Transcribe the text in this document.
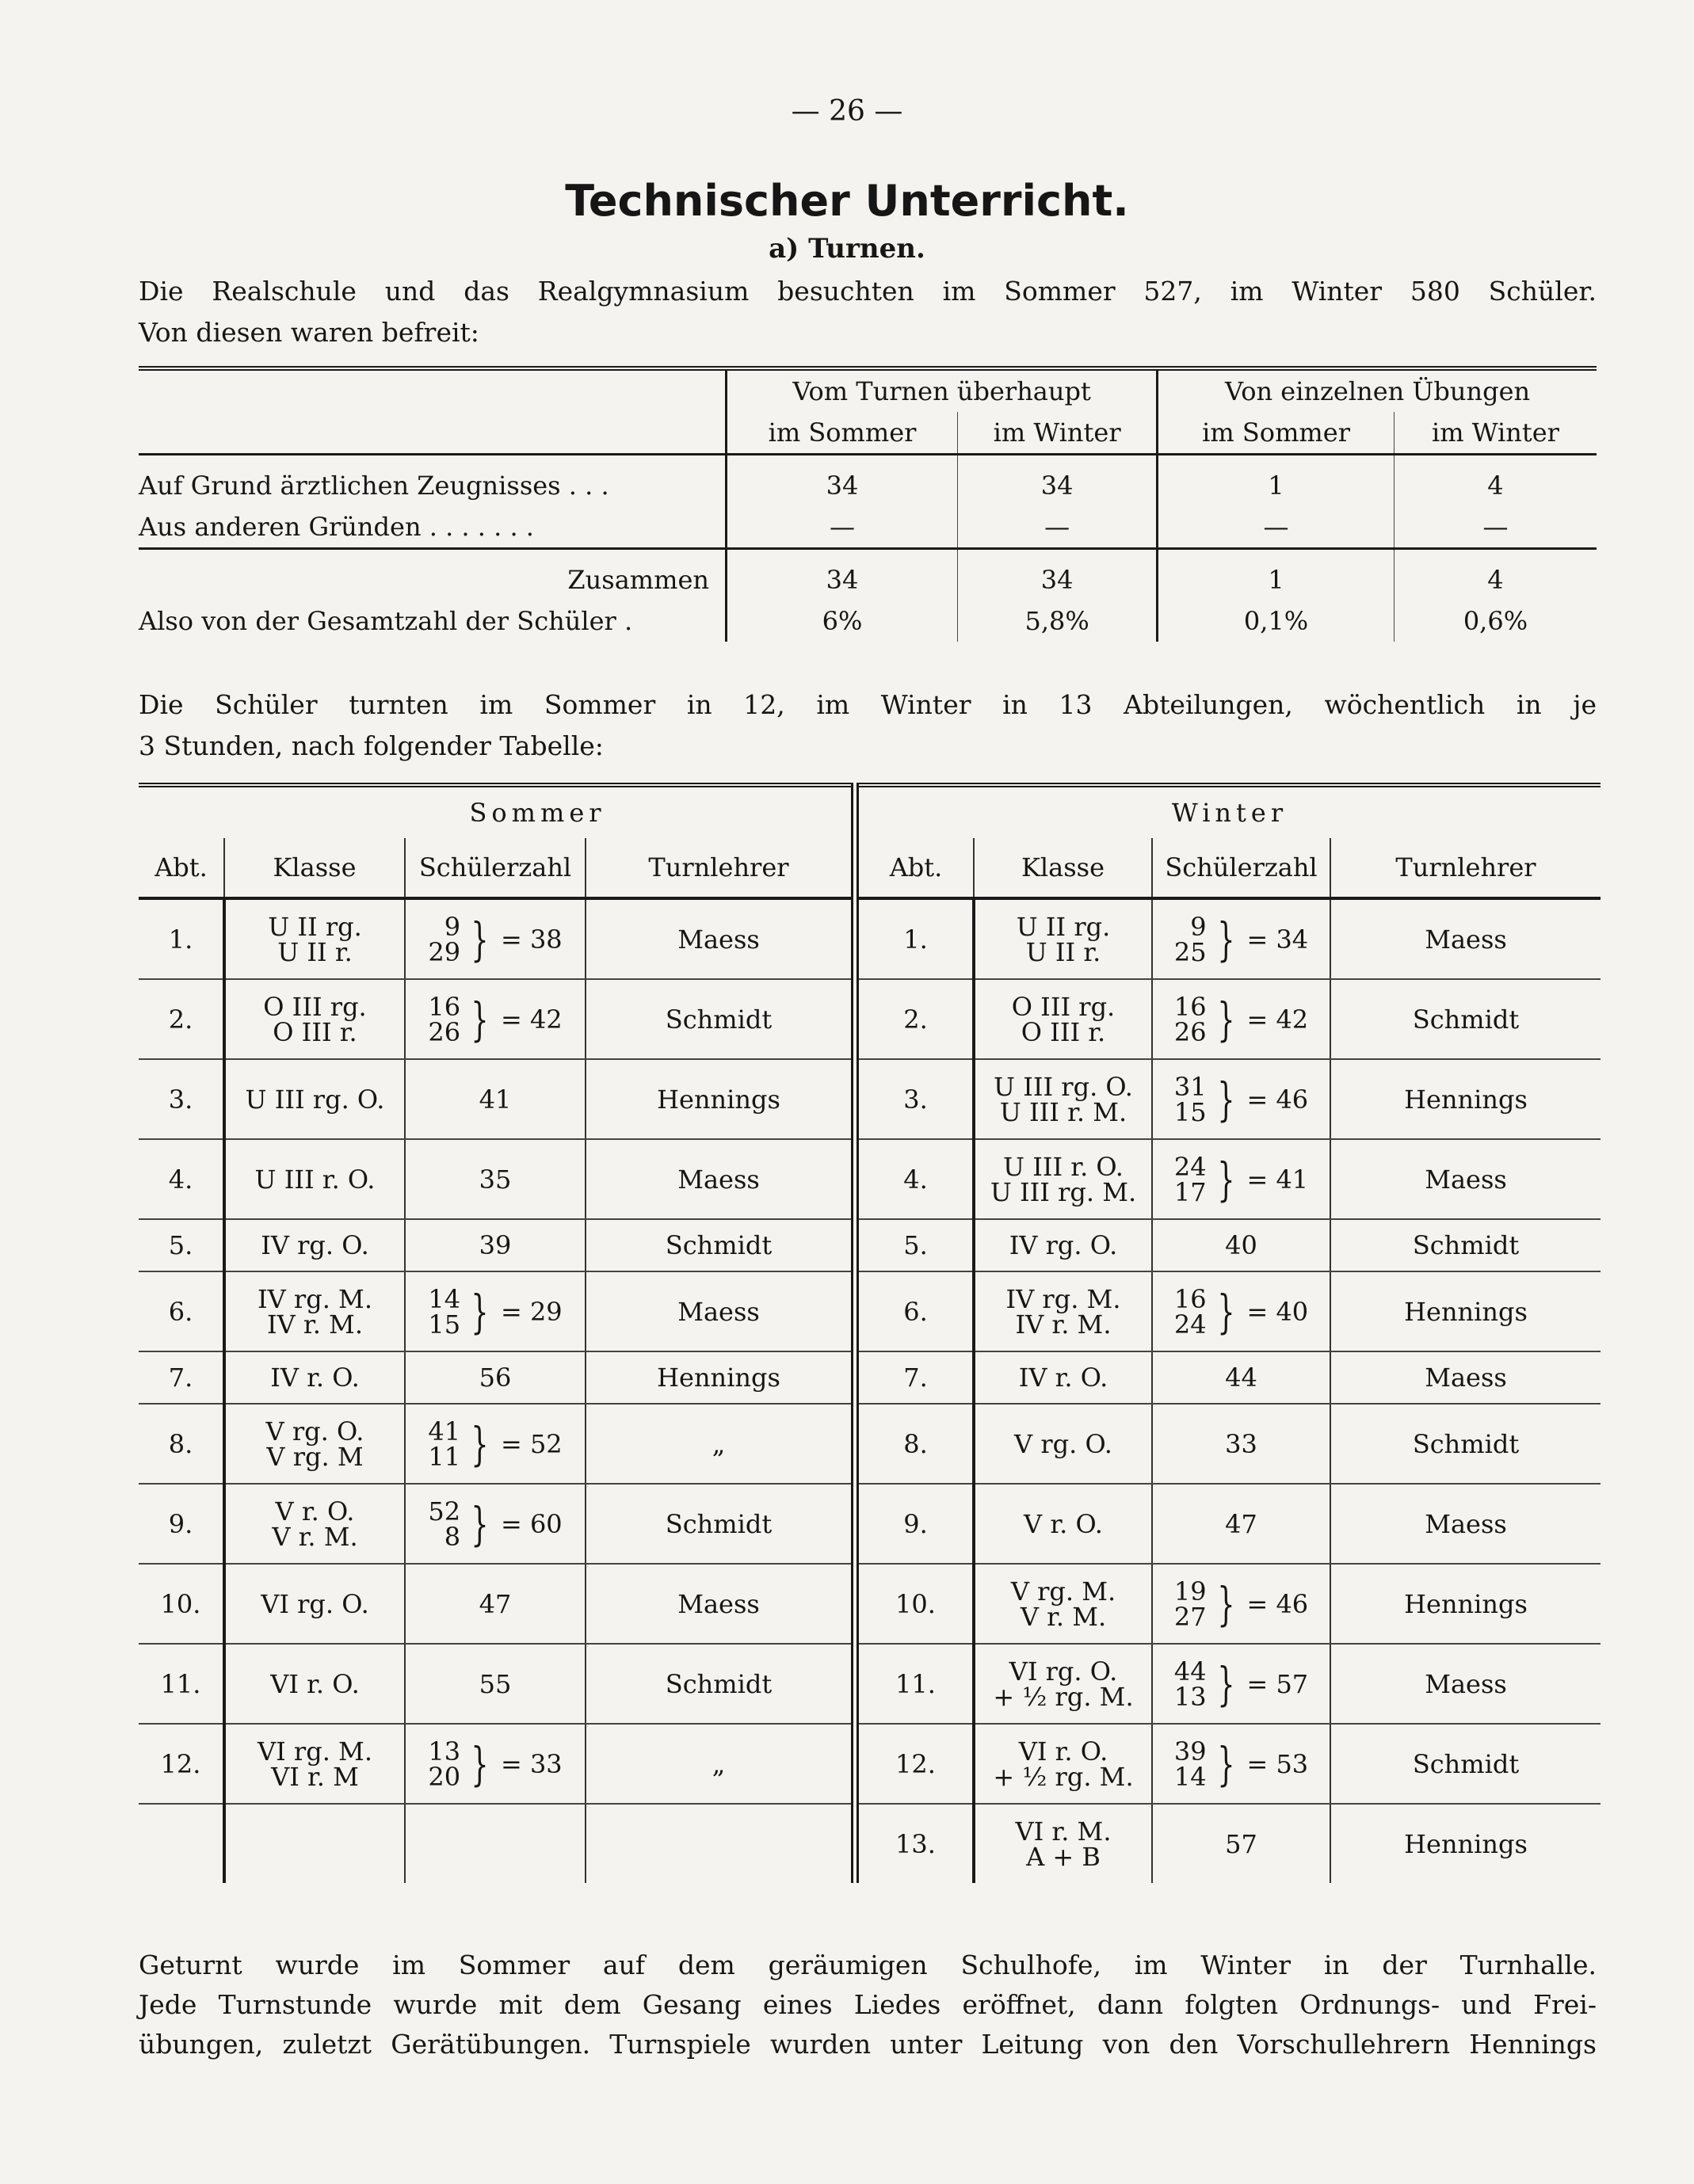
— 26 —
Technischer Unterricht.
a) Turnen.
Die Realschule und das Realgymnasium besuchten im Sommer 527, im Winter 580 Schüler.
Von diesen waren befreit:
	Vom Turnen überhaupt		Von einzelnen Übungen	
	im Sommer	im Winter	im Sommer	im Winter

Auf Grund ärztlichen Zeugnisses . . .	34	34	1	4
Aus anderen Gründen . . . . . . .	—	—	—	—

Zusammen	34	34	1	4
Also von der Gesamtzahl der Schüler .	6%	5,8%	0,1%	0,6%
Die Schüler turnten im Sommer in 12, im Winter in 13 Abteilungen, wöchentlich in je
3 Stunden, nach folgender Tabelle:
	Sommer			Winter			
Abt.	Klasse	Schülerzahl	Turnlehrer	Abt.	Klasse	Schülerzahl	Turnlehrer
1.	U II rg.
U II r.	9
29 } = 38	Maess	1.	U II rg.
U II r.	9
25 } = 34	Maess
2.	O III rg.
O III r.	16
26 } = 42	Schmidt	2.	O III rg.
O III r.	16
26 } = 42	Schmidt
3.	U III rg. O.	41	Hennings	3.	U III rg. O.
U III r. M.	31
15 } = 46	Hennings
4.	U III r. O.	35	Maess	4.	U III r. O.
U III rg. M.	24
17 } = 41	Maess
5.	IV rg. O.	39	Schmidt	5.	IV rg. O.	40	Schmidt
6.	IV rg. M.
IV r. M.	14
15 } = 29	Maess	6.	IV rg. M.
IV r. M.	16
24 } = 40	Hennings
7.	IV r. O.	56	Hennings	7.	IV r. O.	44	Maess
8.	V rg. O.
V rg. M	41
11 } = 52	„	8.	V rg. O.	33	Schmidt
9.	V r. O.
V r. M.	52
8 } = 60	Schmidt	9.	V r. O.	47	Maess
10.	VI rg. O.	47	Maess	10.	V rg. M.
V r. M.	19
27 } = 46	Hennings
11.	VI r. O.	55	Schmidt	11.	VI rg. O.
+ ½ rg. M.	44
13 } = 57	Maess
12.	VI rg. M.
VI r. M	13
20 } = 33	„	12.	VI r. O.
+ ½ rg. M.	39
14 } = 53	Schmidt
				13.	VI r. M.
A + B	57	Hennings
Geturnt wurde im Sommer auf dem geräumigen Schulhofe, im Winter in der Turnhalle.
Jede Turnstunde wurde mit dem Gesang eines Liedes eröffnet, dann folgten Ordnungs- und Frei-
übungen, zuletzt Gerätübungen. Turnspiele wurden unter Leitung von den Vorschullehrern Hennings
